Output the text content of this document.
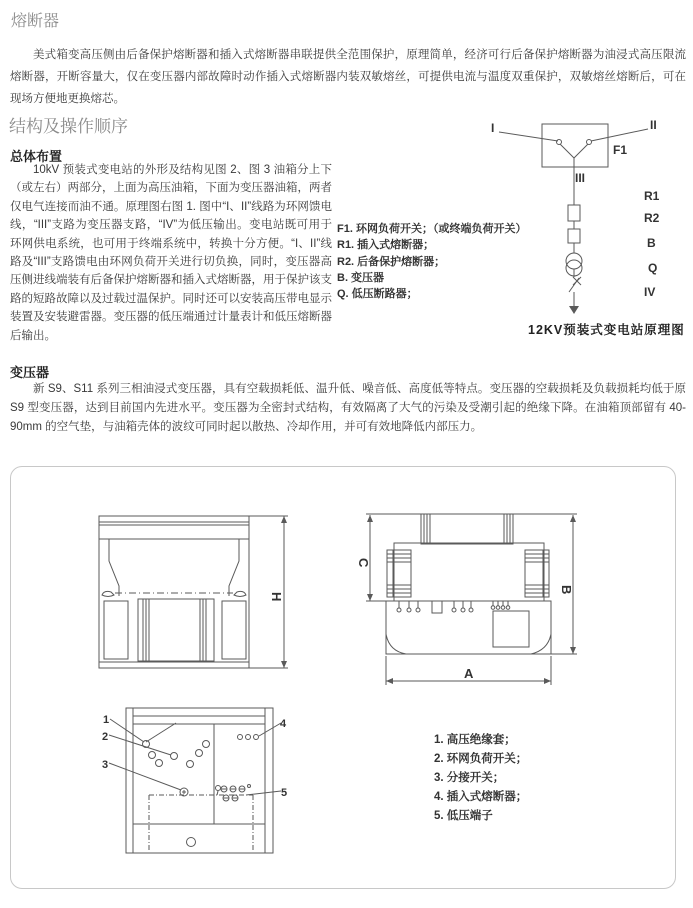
熔断器
美式箱变高压侧由后备保护熔断器和插入式熔断器串联提供全范围保护，原理简单，经济可行后备保护熔断器为油浸式高压限流熔断器，开断容量大，仅在变压器内部故障时动作插入式熔断器内装双敏熔丝，可提供电流与温度双重保护，双敏熔丝熔断后，可在现场方便地更换熔芯。
结构及操作顺序
总体布置
10kV 预装式变电站的外形及结构见图 2、图 3 油箱分上下（或左右）两部分，上面为高压油箱，下面为变压器油箱，两者仅电气连接而油不通。原理图右图 1. 图中“I、II”线路为环网馈电线，“III”支路为变压器支路，“IV”为低压输出。变电站既可用于环网供电系统，也可用于终端系统中，转换十分方便。“I、II”线路及“III”支路馈电由环网负荷开关进行切负换，同时，变压器高压侧进线端装有后备保护熔断器和插入式熔断器，用于保护该支路的短路故障以及过载过温保护。同时还可以安装高压带电显示装置及安装避雷器。变压器的低压端通过计量表计和低压熔断器后输出。
I	II
F1
III
R1
R2
B
Q
IV
F1. 环网负荷开关；（或终端负荷开关）
R1. 插入式熔断器；
R2. 后备保护熔断器；
B. 变压器
Q. 低压断路器；
12KV预装式变电站原理图
变压器
新 S9、S11 系列三相油浸式变压器，具有空载损耗低、温升低、噪音低、高度低等特点。变压器的空载损耗及负载损耗均低于原 S9 型变压器，达到目前国内先进水平。变压器为全密封式结构，有效隔离了大气的污染及受潮引起的绝缘下降。在油箱顶部留有 40-90mm 的空气垫，与油箱壳体的波纹可同时起以散热、冷却作用，并可有效地降低内部压力。
H
C
B
A
1
2
3
4
5
1. 高压绝缘套；
2. 环网负荷开关；
3. 分接开关；
4. 插入式熔断器；
5. 低压端子
